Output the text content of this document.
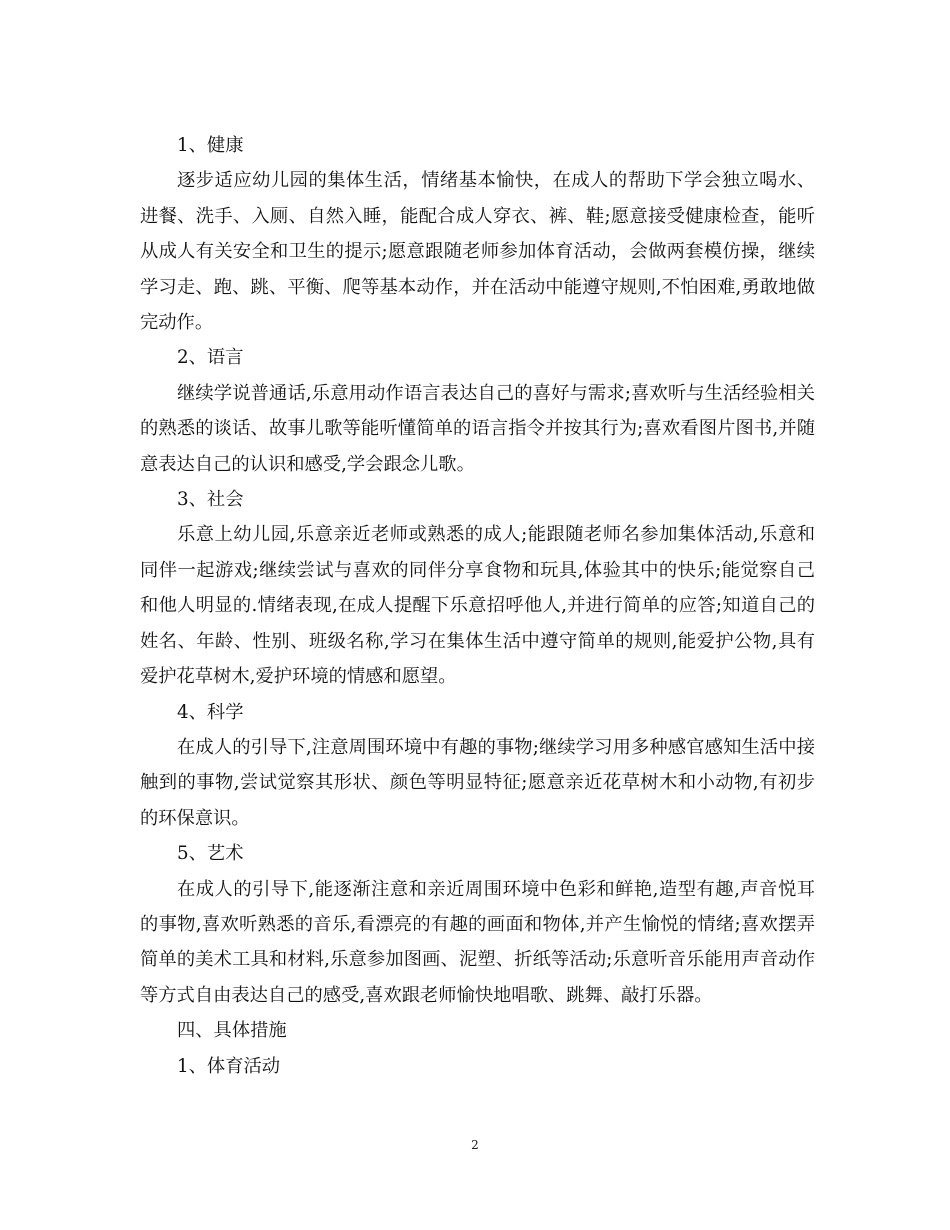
1、健康

逐步适应幼儿园的集体生活，情绪基本愉快，在成人的帮助下学会独立喝水、进餐、洗手、入厕、自然入睡，能配合成人穿衣、裤、鞋;愿意接受健康检查，能听从成人有关安全和卫生的提示;愿意跟随老师参加体育活动，会做两套模仿操，继续学习走、跑、跳、平衡、爬等基本动作，并在活动中能遵守规则,不怕困难,勇敢地做完动作。

2、语言

继续学说普通话,乐意用动作语言表达自己的喜好与需求;喜欢听与生活经验相关的熟悉的谈话、故事儿歌等能听懂简单的语言指令并按其行为;喜欢看图片图书,并随意表达自己的认识和感受,学会跟念儿歌。

3、社会

乐意上幼儿园,乐意亲近老师或熟悉的成人;能跟随老师名参加集体活动,乐意和同伴一起游戏;继续尝试与喜欢的同伴分享食物和玩具,体验其中的快乐;能觉察自己和他人明显的.情绪表现,在成人提醒下乐意招呼他人,并进行简单的应答;知道自己的姓名、年龄、性别、班级名称,学习在集体生活中遵守简单的规则,能爱护公物,具有爱护花草树木,爱护环境的情感和愿望。

4、科学

在成人的引导下,注意周围环境中有趣的事物;继续学习用多种感官感知生活中接触到的事物,尝试觉察其形状、颜色等明显特征;愿意亲近花草树木和小动物,有初步的环保意识。

5、艺术

在成人的引导下,能逐渐注意和亲近周围环境中色彩和鲜艳,造型有趣,声音悦耳的事物,喜欢听熟悉的音乐,看漂亮的有趣的画面和物体,并产生愉悦的情绪;喜欢摆弄简单的美术工具和材料,乐意参加图画、泥塑、折纸等活动;乐意听音乐能用声音动作等方式自由表达自己的感受,喜欢跟老师愉快地唱歌、跳舞、敲打乐器。

四、具体措施

1、体育活动

2
